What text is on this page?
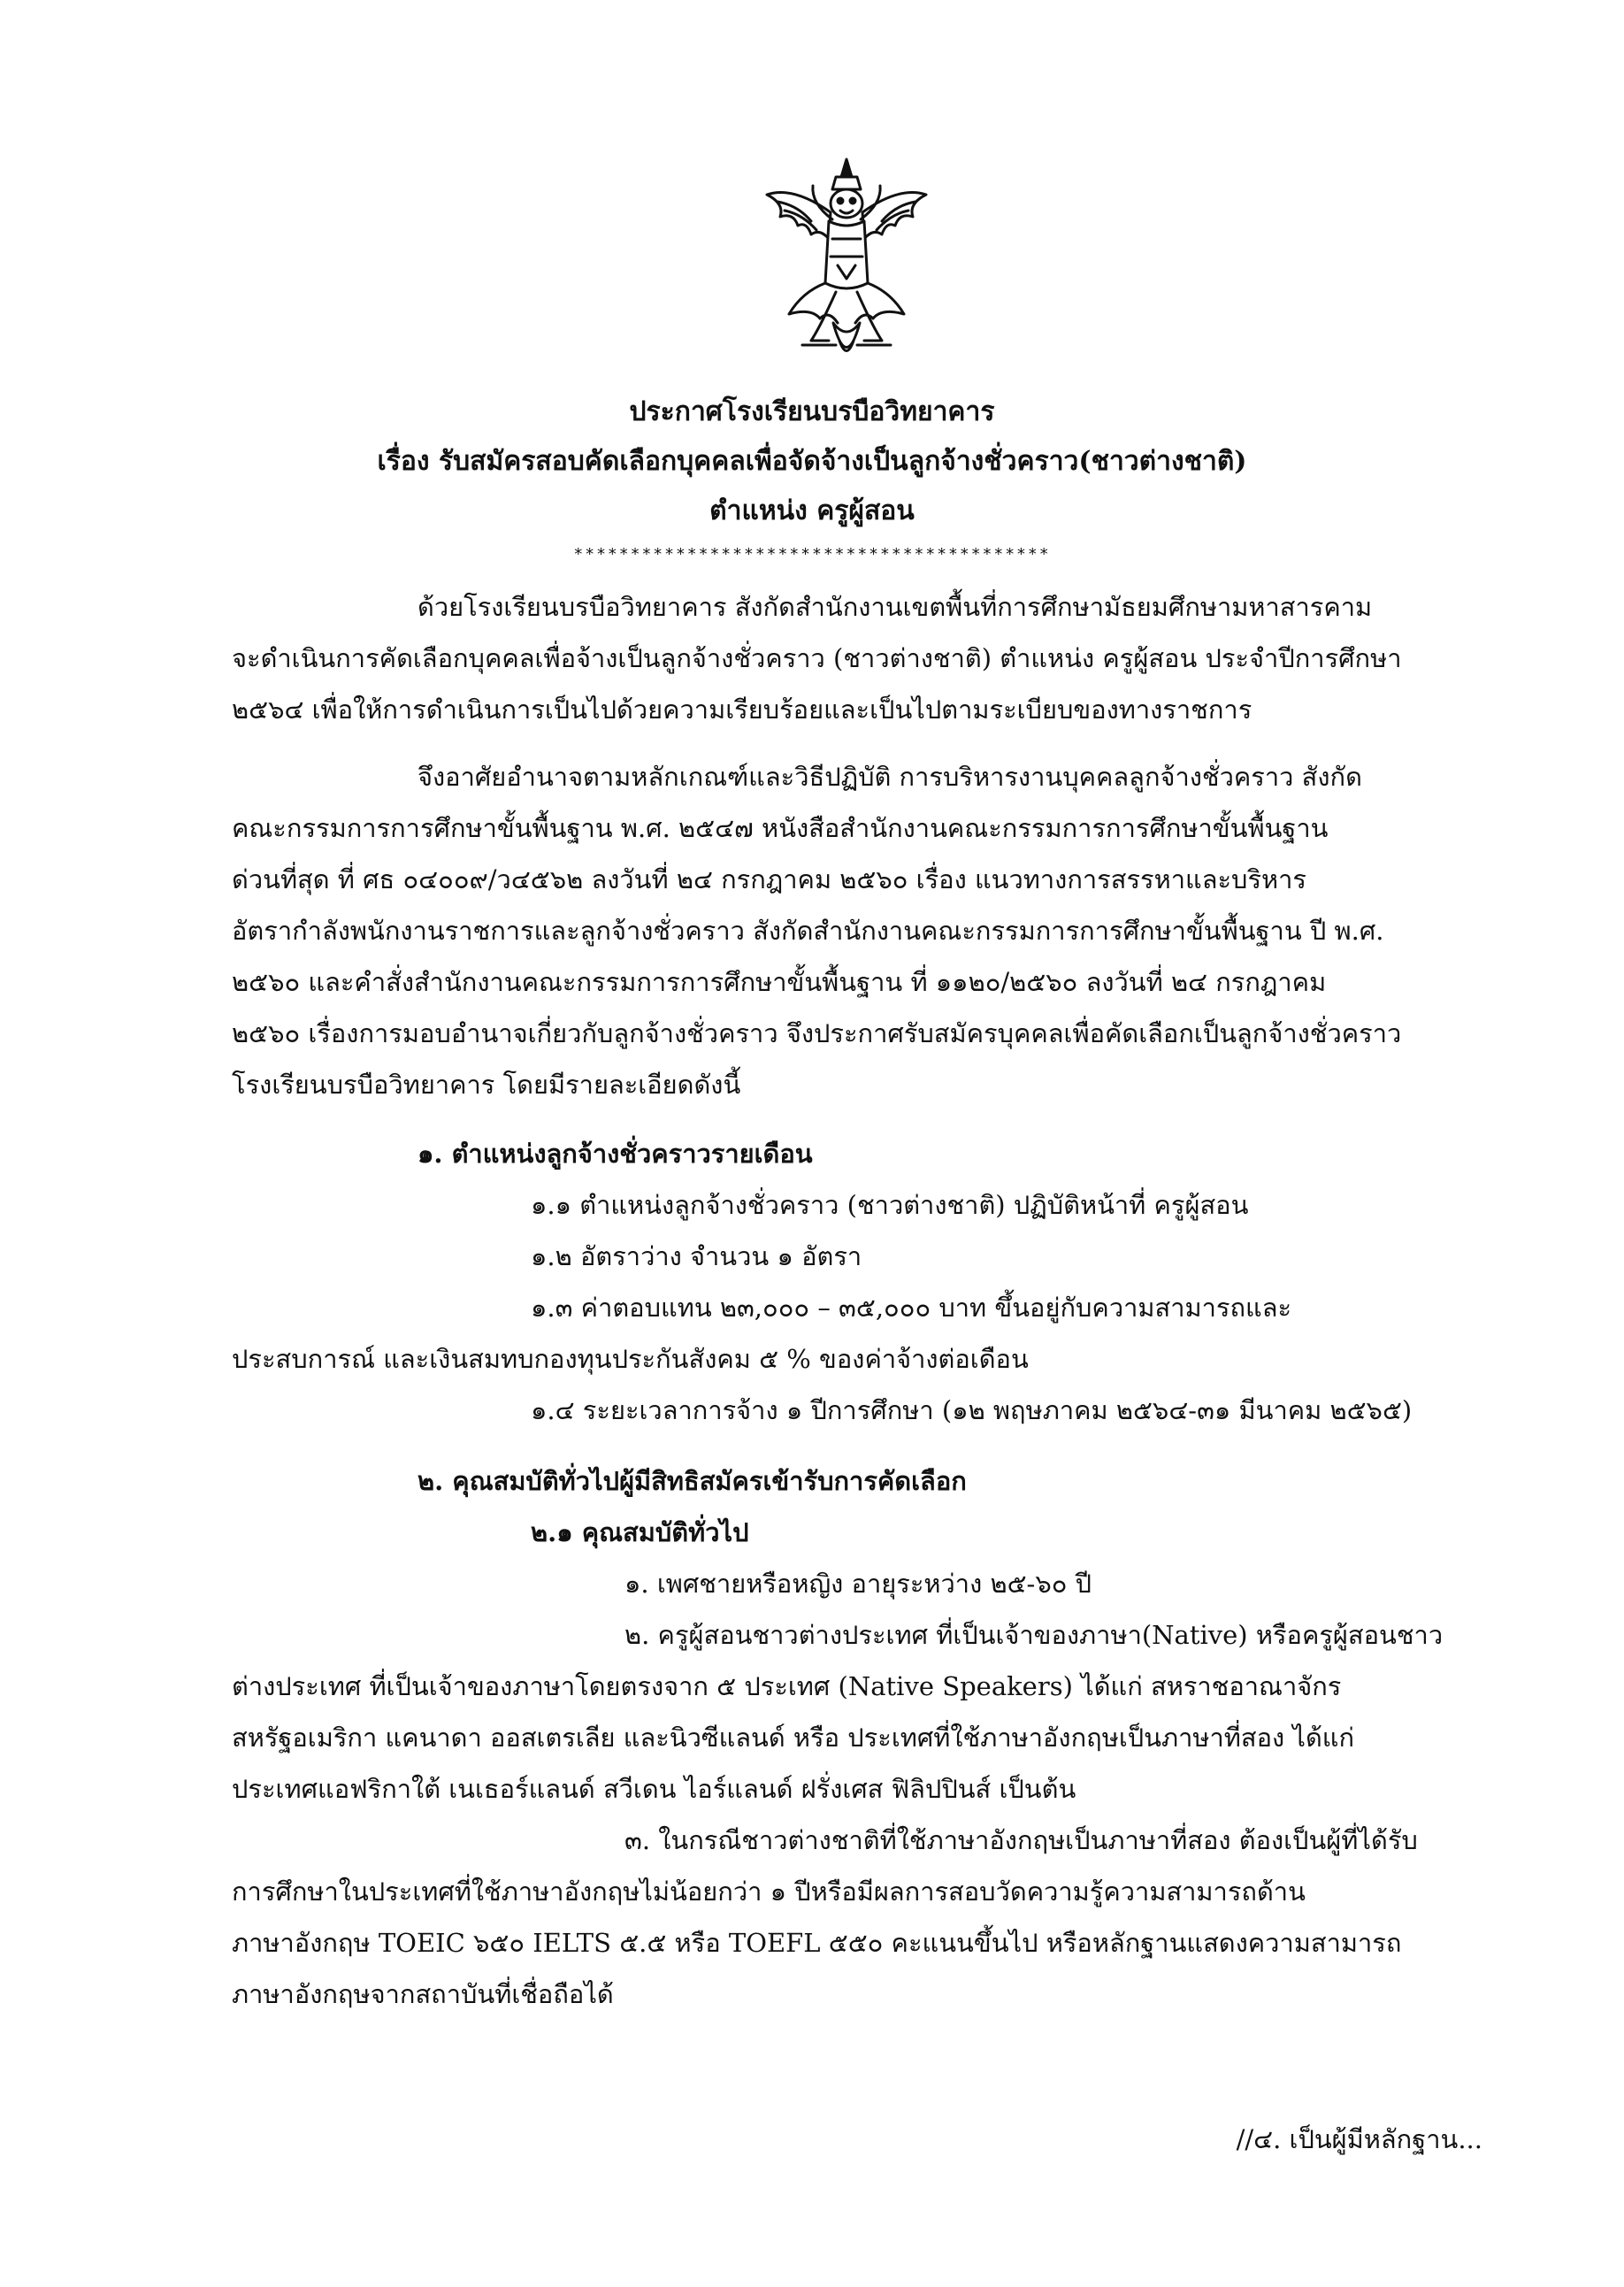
ประกาศโรงเรียนบรบือวิทยาคาร
เรื่อง รับสมัครสอบคัดเลือกบุคคลเพื่อจัดจ้างเป็นลูกจ้างชั่วคราว(ชาวต่างชาติ)
ตำแหน่ง ครูผู้สอน
******************************************
ด้วยโรงเรียนบรบือวิทยาคาร สังกัดสำนักงานเขตพื้นที่การศึกษามัธยมศึกษามหาสารคาม
จะดำเนินการคัดเลือกบุคคลเพื่อจ้างเป็นลูกจ้างชั่วคราว (ชาวต่างชาติ) ตำแหน่ง ครูผู้สอน ประจำปีการศึกษา
๒๕๖๔ เพื่อให้การดำเนินการเป็นไปด้วยความเรียบร้อยและเป็นไปตามระเบียบของทางราชการ
จึงอาศัยอำนาจตามหลักเกณฑ์และวิธีปฏิบัติ การบริหารงานบุคคลลูกจ้างชั่วคราว สังกัด
คณะกรรมการการศึกษาขั้นพื้นฐาน พ.ศ. ๒๕๔๗ หนังสือสำนักงานคณะกรรมการการศึกษาขั้นพื้นฐาน
ด่วนที่สุด ที่ ศธ ๐๔๐๐๙/ว๔๕๖๒ ลงวันที่ ๒๔ กรกฎาคม ๒๕๖๐ เรื่อง แนวทางการสรรหาและบริหาร
อัตรากำลังพนักงานราชการและลูกจ้างชั่วคราว สังกัดสำนักงานคณะกรรมการการศึกษาขั้นพื้นฐาน ปี พ.ศ.
๒๕๖๐ และคำสั่งสำนักงานคณะกรรมการการศึกษาขั้นพื้นฐาน ที่ ๑๑๒๐/๒๕๖๐ ลงวันที่ ๒๔ กรกฎาคม
๒๕๖๐ เรื่องการมอบอำนาจเกี่ยวกับลูกจ้างชั่วคราว จึงประกาศรับสมัครบุคคลเพื่อคัดเลือกเป็นลูกจ้างชั่วคราว
โรงเรียนบรบือวิทยาคาร โดยมีรายละเอียดดังนี้
๑. ตำแหน่งลูกจ้างชั่วคราวรายเดือน
๑.๑ ตำแหน่งลูกจ้างชั่วคราว (ชาวต่างชาติ) ปฏิบัติหน้าที่ ครูผู้สอน
๑.๒ อัตราว่าง จำนวน ๑ อัตรา
๑.๓ ค่าตอบแทน ๒๓,๐๐๐ – ๓๕,๐๐๐ บาท ขึ้นอยู่กับความสามารถและ
ประสบการณ์ และเงินสมทบกองทุนประกันสังคม ๕ % ของค่าจ้างต่อเดือน
๑.๔ ระยะเวลาการจ้าง ๑ ปีการศึกษา (๑๒ พฤษภาคม ๒๕๖๔-๓๑ มีนาคม ๒๕๖๕)
๒. คุณสมบัติทั่วไปผู้มีสิทธิสมัครเข้ารับการคัดเลือก
๒.๑ คุณสมบัติทั่วไป
๑. เพศชายหรือหญิง อายุระหว่าง ๒๕-๖๐ ปี
๒. ครูผู้สอนชาวต่างประเทศ ที่เป็นเจ้าของภาษา(Native) หรือครูผู้สอนชาว
ต่างประเทศ ที่เป็นเจ้าของภาษาโดยตรงจาก ๕ ประเทศ (Native Speakers) ได้แก่ สหราชอาณาจักร
สหรัฐอเมริกา แคนาดา ออสเตรเลีย และนิวซีแลนด์ หรือ ประเทศที่ใช้ภาษาอังกฤษเป็นภาษาที่สอง ได้แก่
ประเทศแอฟริกาใต้ เนเธอร์แลนด์ สวีเดน ไอร์แลนด์ ฝรั่งเศส ฟิลิปปินส์ เป็นต้น
๓. ในกรณีชาวต่างชาติที่ใช้ภาษาอังกฤษเป็นภาษาที่สอง ต้องเป็นผู้ที่ได้รับ
การศึกษาในประเทศที่ใช้ภาษาอังกฤษไม่น้อยกว่า ๑ ปีหรือมีผลการสอบวัดความรู้ความสามารถด้าน
ภาษาอังกฤษ TOEIC ๖๕๐ IELTS ๕.๕ หรือ TOEFL ๕๕๐ คะแนนขึ้นไป หรือหลักฐานแสดงความสามารถ
ภาษาอังกฤษจากสถาบันที่เชื่อถือได้
//๔. เป็นผู้มีหลักฐาน...
